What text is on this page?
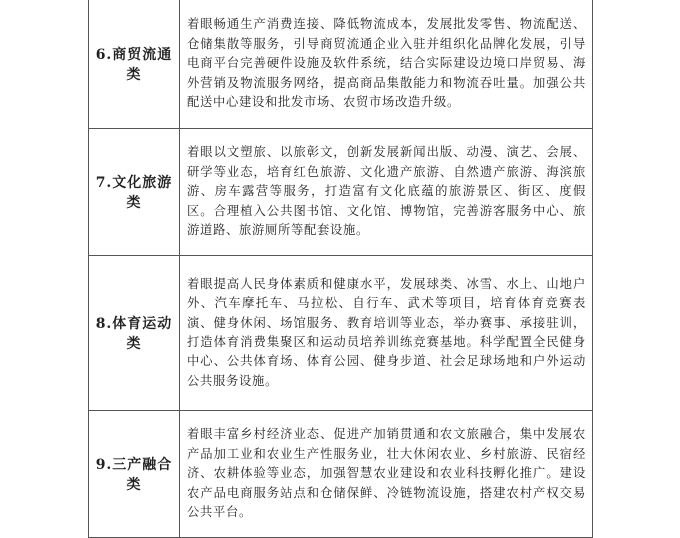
6.商贸流通类	着眼畅通生产消费连接、降低物流成本，发展批发零售、物流配送、仓储集散等服务，引导商贸流通企业入驻并组织化品牌化发展，引导电商平台完善硬件设施及软件系统，结合实际建设边境口岸贸易、海外营销及物流服务网络，提高商品集散能力和物流吞吐量。加强公共配送中心建设和批发市场、农贸市场改造升级。
7.文化旅游类	着眼以文塑旅、以旅彰文，创新发展新闻出版、动漫、演艺、会展、研学等业态，培育红色旅游、文化遗产旅游、自然遗产旅游、海滨旅游、房车露营等服务，打造富有文化底蕴的旅游景区、街区、度假区。合理植入公共图书馆、文化馆、博物馆，完善游客服务中心、旅游道路、旅游厕所等配套设施。
8.体育运动类	着眼提高人民身体素质和健康水平，发展球类、冰雪、水上、山地户外、汽车摩托车、马拉松、自行车、武术等项目，培育体育竞赛表演、健身休闲、场馆服务、教育培训等业态，举办赛事、承接驻训，打造体育消费集聚区和运动员培养训练竞赛基地。科学配置全民健身中心、公共体育场、体育公园、健身步道、社会足球场地和户外运动公共服务设施。
9.三产融合类	着眼丰富乡村经济业态、促进产加销贯通和农文旅融合，集中发展农产品加工业和农业生产性服务业，壮大休闲农业、乡村旅游、民宿经济、农耕体验等业态，加强智慧农业建设和农业科技孵化推广。建设农产品电商服务站点和仓储保鲜、冷链物流设施，搭建农村产权交易公共平台。
